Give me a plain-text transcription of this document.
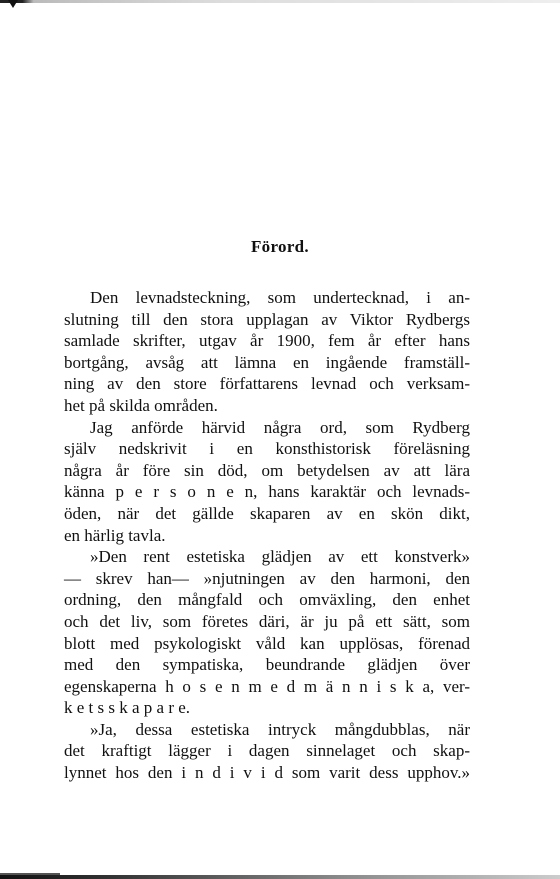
Förord.
Den levnadsteckning, som undertecknad, i an-
slutning till den stora upplagan av Viktor Rydbergs
samlade skrifter, utgav år 1900, fem år efter hans
bortgång, avsåg att lämna en ingående framställ-
ning av den store författarens levnad och verksam-
het på skilda områden.
Jag anförde härvid några ord, som Rydberg
själv nedskrivit i en konsthistorisk föreläsning
några år före sin död, om betydelsen av att lära
känna p e r s o n e n, hans karaktär och levnads-
öden, när det gällde skaparen av en skön dikt,
en härlig tavla.
»Den rent estetiska glädjen av ett konstverk»
— skrev han— »njutningen av den harmoni, den
ordning, den mångfald och omväxling, den enhet
och det liv, som företes däri, är ju på ett sätt, som
blott med psykologiskt våld kan upplösas, förenad
med den sympatiska, beundrande glädjen över
egenskaperna h o s e n m e d m ä n n i s k a, ver-
k e t s s k a p a r e.
»Ja, dessa estetiska intryck mångdubblas, när
det kraftigt lägger i dagen sinnelaget och skap-
lynnet hos den i n d i v i d som varit dess upphov.»
